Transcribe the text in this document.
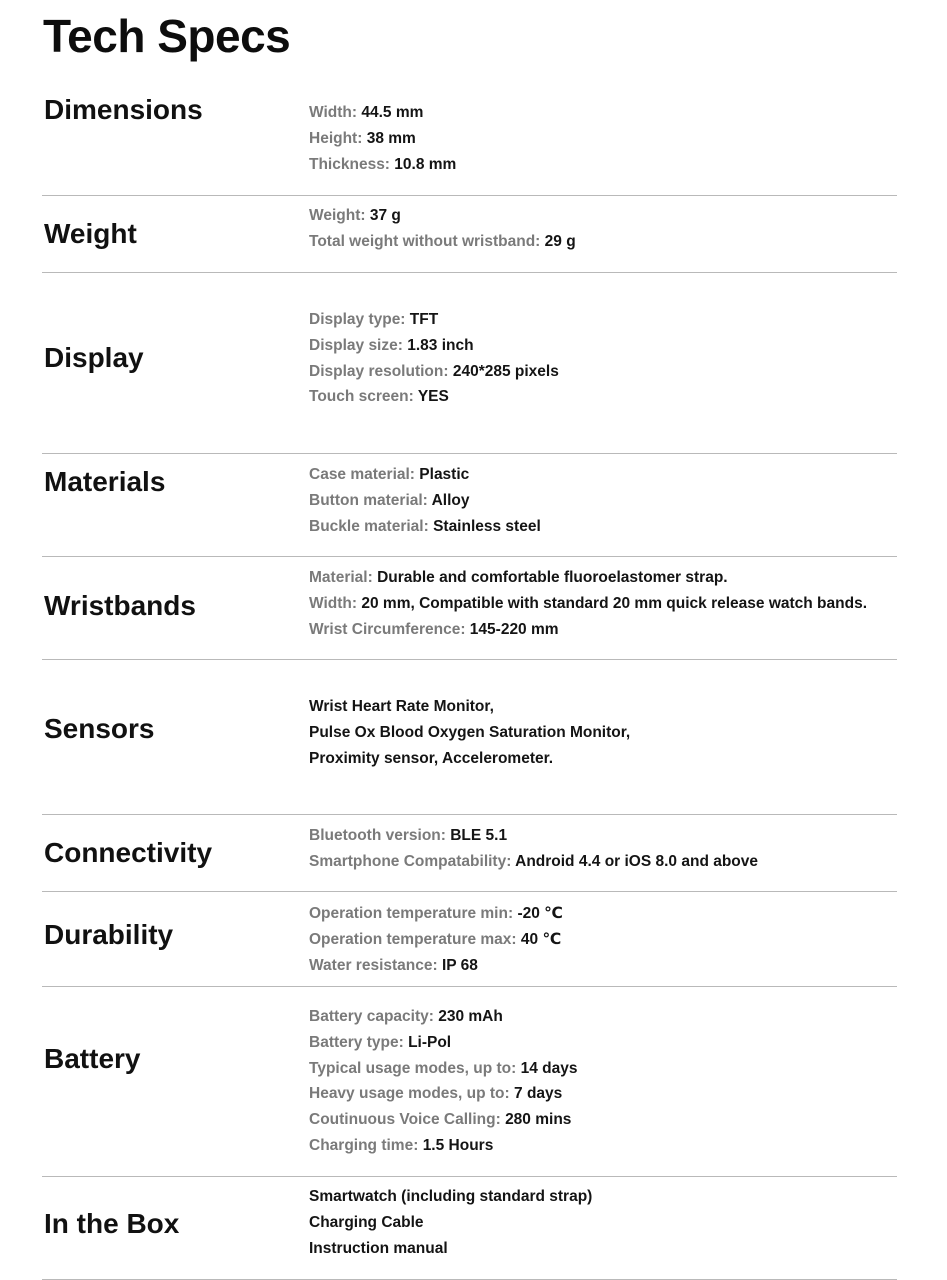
Tech Specs
Dimensions	Width: 44.5 mm
Height: 38 mm
Thickness: 10.8 mm
Weight
Weight: 37 g
Total weight without wristband: 29 g
Display
Display type: TFT
Display size: 1.83 inch
Display resolution: 240*285 pixels
Touch screen: YES
Materials	Case material: Plastic
Button material: Alloy
Buckle material: Stainless steel
Wristbands
Material: Durable and comfortable fluoroelastomer strap.
Width: 20 mm, Compatible with standard 20 mm quick release watch bands.
Wrist Circumference: 145-220 mm
Sensors
Wrist Heart Rate Monitor,
Pulse Ox Blood Oxygen Saturation Monitor,
Proximity sensor, Accelerometer.
Connectivity
Bluetooth version: BLE 5.1
Smartphone Compatability: Android 4.4 or iOS 8.0 and above
Durability
Operation temperature min: -20 ℃
Operation temperature max: 40 ℃
Water resistance: IP 68
Battery
Battery capacity: 230 mAh
Battery type: Li-Pol
Typical usage modes, up to: 14 days
Heavy usage modes, up to: 7 days
Coutinuous Voice Calling: 280 mins
Charging time: 1.5 Hours
In the Box
Smartwatch (including standard strap)
Charging Cable
Instruction manual
